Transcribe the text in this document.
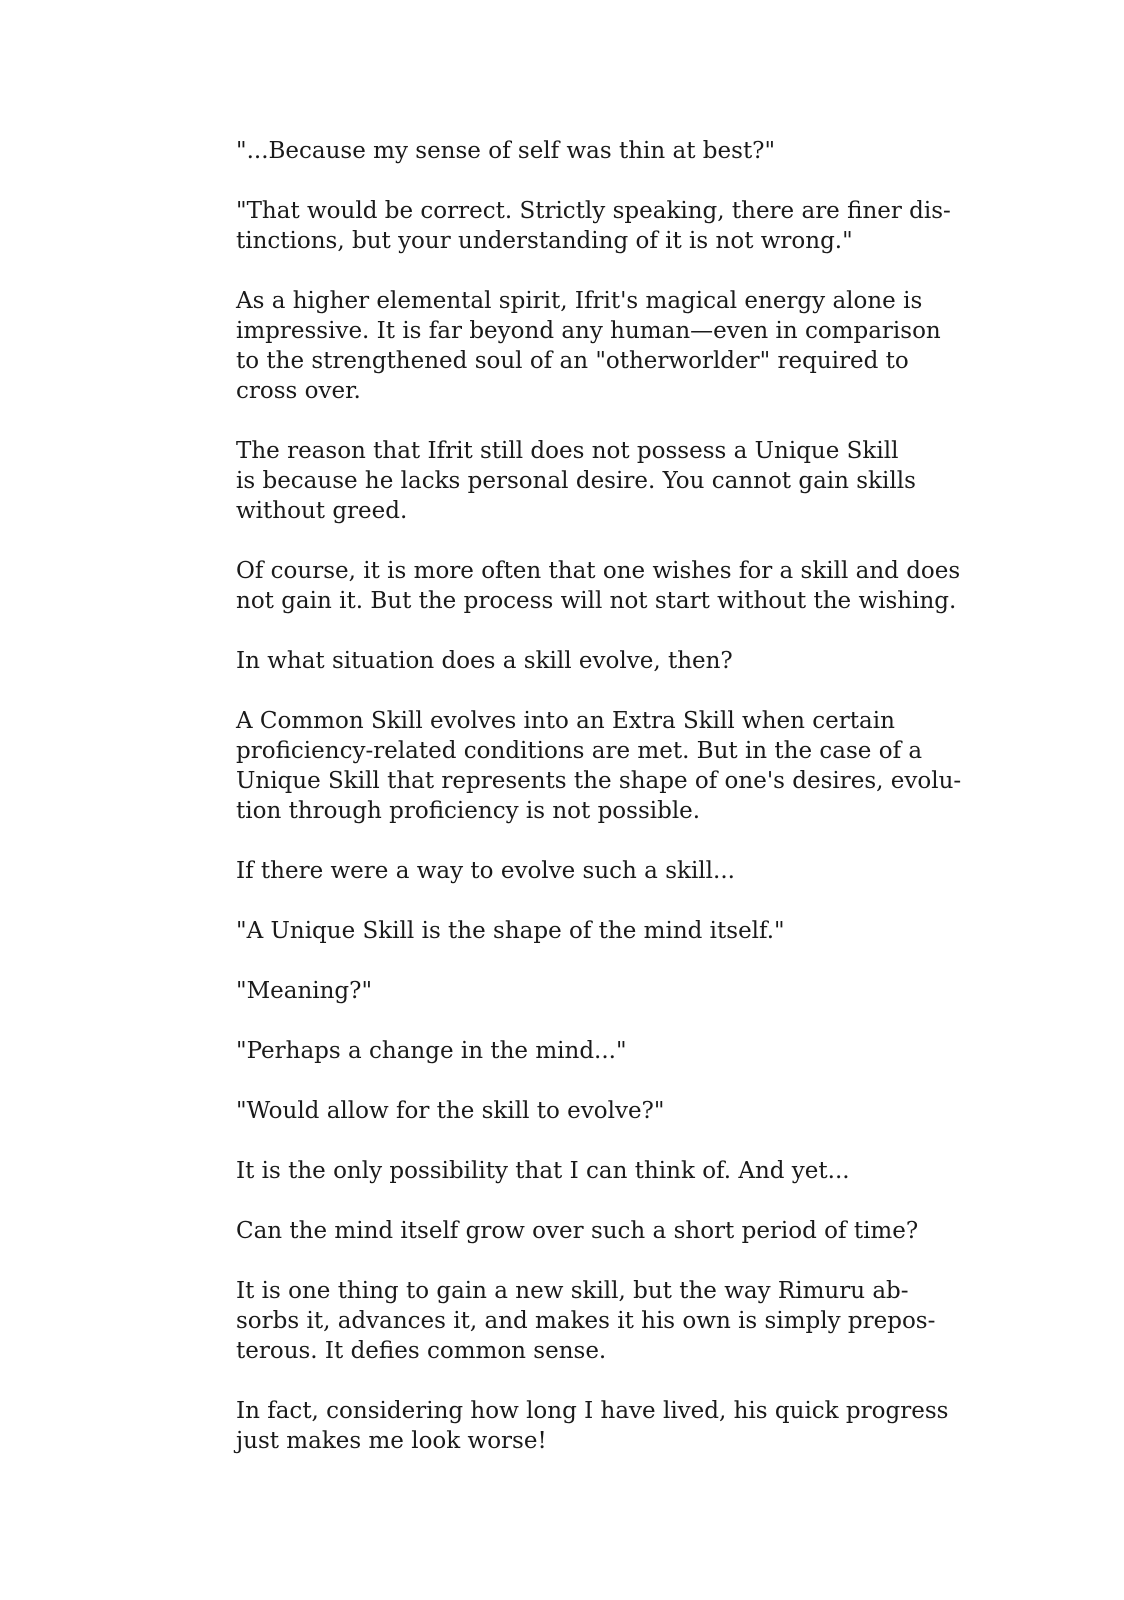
"...Because my sense of self was thin at best?"

"That would be correct. Strictly speaking, there are finer dis-
tinctions, but your understanding of it is not wrong."

As a higher elemental spirit, Ifrit's magical energy alone is
impressive. It is far beyond any human—even in comparison
to the strengthened soul of an "otherworlder" required to
cross over.

The reason that Ifrit still does not possess a Unique Skill
is because he lacks personal desire. You cannot gain skills
without greed.

Of course, it is more often that one wishes for a skill and does
not gain it. But the process will not start without the wishing.

In what situation does a skill evolve, then?

A Common Skill evolves into an Extra Skill when certain
proficiency-related conditions are met. But in the case of a
Unique Skill that represents the shape of one's desires, evolu-
tion through proficiency is not possible.

If there were a way to evolve such a skill...

"A Unique Skill is the shape of the mind itself."

"Meaning?"

"Perhaps a change in the mind..."

"Would allow for the skill to evolve?"

It is the only possibility that I can think of. And yet...

Can the mind itself grow over such a short period of time?

It is one thing to gain a new skill, but the way Rimuru ab-
sorbs it, advances it, and makes it his own is simply prepos-
terous. It defies common sense.

In fact, considering how long I have lived, his quick progress
just makes me look worse!
